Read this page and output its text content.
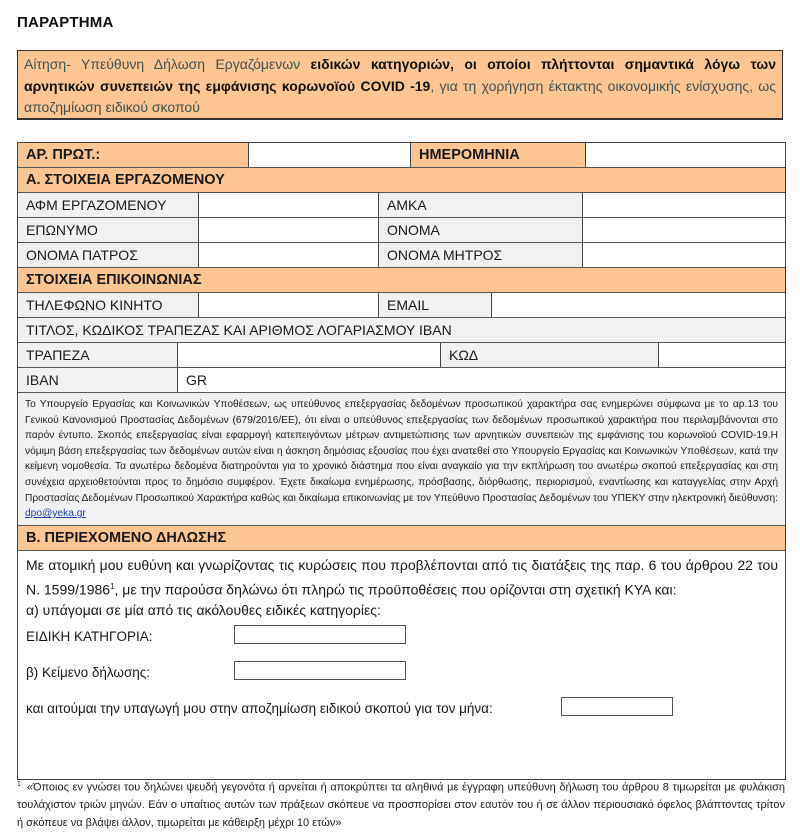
ΠΑΡΑΡΤΗΜΑ
Αίτηση- Υπεύθυνη Δήλωση Εργαζόμενων ειδικών κατηγοριών, οι οποίοι πλήττονται σημαντικά λόγω των αρνητικών συνεπειών της εμφάνισης κορωνοϊού COVID -19, για τη χορήγηση έκτακτης οικονομικής ενίσχυσης, ως αποζημίωση ειδικού σκοπού
ΑΡ. ΠΡΩΤ.:	ΗΜΕΡΟΜΗΝΙΑ
Α. ΣΤΟΙΧΕΙΑ ΕΡΓΑΖΟΜΕΝΟΥ
ΑΦΜ ΕΡΓΑΖΟΜΕΝΟΥ	ΑΜΚΑ
ΕΠΩΝΥΜΟ	ΟΝΟΜΑ
ΟΝΟΜΑ ΠΑΤΡΟΣ	ΟΝΟΜΑ ΜΗΤΡΟΣ
ΣΤΟΙΧΕΙΑ ΕΠΙΚΟΙΝΩΝΙΑΣ
ΤΗΛΕΦΩΝΟ ΚΙΝΗΤΟ	EMAIL
ΤΙΤΛΟΣ, ΚΩΔΙΚΟΣ ΤΡΑΠΕΖΑΣ ΚΑΙ ΑΡΙΘΜΟΣ ΛΟΓΑΡΙΑΣΜΟΥ IBAN
ΤΡΑΠΕΖΑ	ΚΩΔ
IBAN	GR
Το Υπουργείο Εργασίας και Κοινωνικών Υποθέσεων, ως υπεύθυνος επεξεργασίας δεδομένων προσωπικού χαρακτήρα σας ενημερώνει σύμφωνα με το αρ.13 του Γενικού Κανονισμού Προστασίας Δεδομένων (679/2016/ΕΕ), ότι είναι ο υπεύθυνος επεξεργασίας των δεδομένων προσωπικού χαρακτήρα που περιλαμβάνονται στο παρόν έντυπο. Σκοπός επεξεργασίας είναι εφαρμογή κατεπειγόντων μέτρων αντιμετώπισης των αρνητικών συνεπειών της εμφάνισης του κορωνοϊού COVID-19.Η νόμιμη βάση επεξεργασίας των δεδομένων αυτών είναι η άσκηση δημόσιας εξουσίας που έχει ανατεθεί στο Υπουργείο Εργασίας και Κοινωνικών Υποθέσεων, κατά την κείμενη νομοθεσία. Τα ανωτέρω δεδομένα διατηρούνται για το χρονικό διάστημα που είναι αναγκαίο για την εκπλήρωση του ανωτέρω σκοπού επεξεργασίας και στη συνέχεια αρχειοθετούνται προς το δημόσιο συμφέρον. Έχετε δικαίωμα ενημέρωσης, πρόσβασης, διόρθωσης, περιορισμού, εναντίωσης και καταγγελίας στην Αρχή Προστασίας Δεδομένων Προσωπικού Χαρακτήρα καθώς και δικαίωμα επικοινωνίας με τον Υπεύθυνο Προστασίας Δεδομένων του ΥΠΕΚΥ στην ηλεκτρονική διεύθυνση: dpo@yeka.gr
Β. ΠΕΡΙΕΧΟΜΕΝΟ ΔΗΛΩΣΗΣ
Με ατομική μου ευθύνη και γνωρίζοντας τις κυρώσεις που προβλέπονται από τις διατάξεις της παρ. 6 του άρθρου 22 του Ν. 1599/1986$^1$, με την παρούσα δηλώνω ότι πληρώ τις προϋποθέσεις που ορίζονται στη σχετική ΚΥΑ και:
α) υπάγομαι σε μία από τις ακόλουθες ειδικές κατηγορίες:
ΕΙΔΙΚΗ ΚΑΤΗΓΟΡΙΑ:
β) Κείμενο δήλωσης:
και αιτούμαι την υπαγωγή μου στην αποζημίωση ειδικού σκοπού για τον μήνα:
$^{1\cdot}$ «Όποιος εν γνώσει του δηλώνει ψευδή γεγονότα ή αρνείται ή αποκρύπτει τα αληθινά με έγγραφη υπεύθυνη δήλωση του άρθρου 8 τιμωρείται με φυλάκιση τουλάχιστον τριών μηνών. Εάν ο υπαίτιος αυτών των πράξεων σκόπευε να προσπορίσει στον εαυτόν του ή σε άλλον περιουσιακό όφελος βλάπτοντας τρίτον ή σκόπευε να βλάψει άλλον, τιμωρείται με κάθειρξη μέχρι 10 ετών»
